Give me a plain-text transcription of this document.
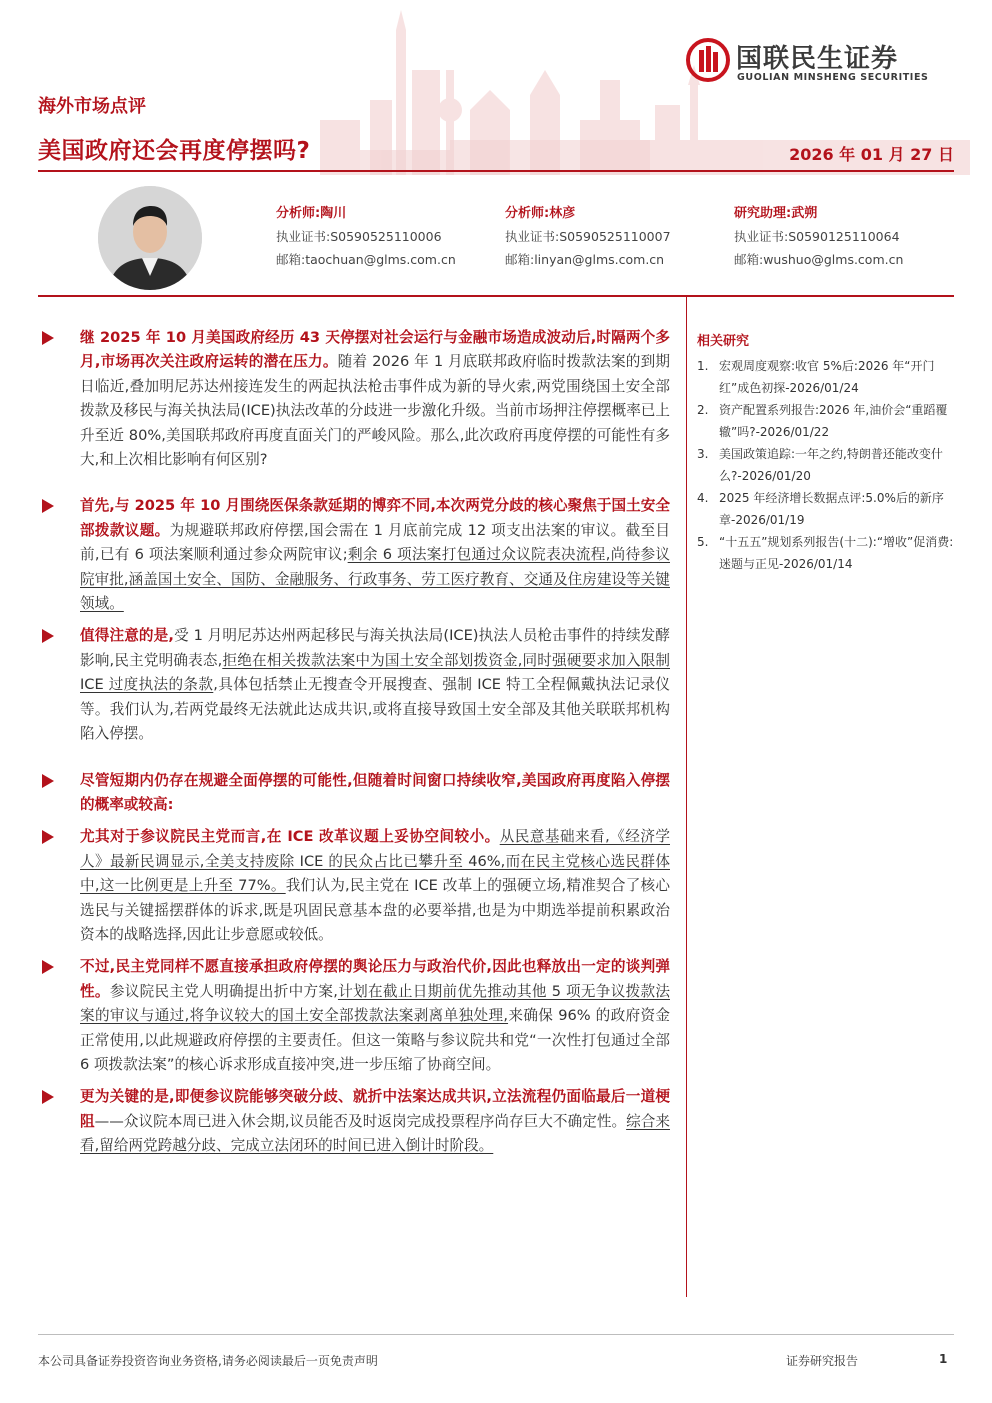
国联民生证券
GUOLIAN MINSHENG SECURITIES
海外市场点评
美国政府还会再度停摆吗?	2026 年 01 月 27 日
分析师:陶川
执业证书:S0590525110006
邮箱:taochuan@glms.com.cn
分析师:林彦
执业证书:S0590525110007
邮箱:linyan@glms.com.cn
研究助理:武朔
执业证书:S0590125110064
邮箱:wushuo@glms.com.cn
继 2025 年 10 月美国政府经历 43 天停摆对社会运行与金融市场造成波动后,时隔两个多月,市场再次关注政府运转的潜在压力。随着 2026 年 1 月底联邦政府临时拨款法案的到期日临近,叠加明尼苏达州接连发生的两起执法枪击事件成为新的导火索,两党围绕国土安全部拨款及移民与海关执法局(ICE)执法改革的分歧进一步激化升级。当前市场押注停摆概率已上升至近 80%,美国联邦政府再度直面关门的严峻风险。那么,此次政府再度停摆的可能性有多大,和上次相比影响有何区别?
首先,与 2025 年 10 月围绕医保条款延期的博弈不同,本次两党分歧的核心聚焦于国土安全部拨款议题。为规避联邦政府停摆,国会需在 1 月底前完成 12 项支出法案的审议。截至目前,已有 6 项法案顺利通过参众两院审议;剩余 6 项法案打包通过众议院表决流程,尚待参议院审批,涵盖国土安全、国防、金融服务、行政事务、劳工医疗教育、交通及住房建设等关键领域。
值得注意的是,受 1 月明尼苏达州两起移民与海关执法局(ICE)执法人员枪击事件的持续发酵影响,民主党明确表态,拒绝在相关拨款法案中为国土安全部划拨资金,同时强硬要求加入限制 ICE 过度执法的条款,具体包括禁止无搜查令开展搜查、强制 ICE 特工全程佩戴执法记录仪等。我们认为,若两党最终无法就此达成共识,或将直接导致国土安全部及其他关联联邦机构陷入停摆。
尽管短期内仍存在规避全面停摆的可能性,但随着时间窗口持续收窄,美国政府再度陷入停摆的概率或较高:
尤其对于参议院民主党而言,在 ICE 改革议题上妥协空间较小。从民意基础来看,《经济学人》最新民调显示,全美支持废除 ICE 的民众占比已攀升至 46%,而在民主党核心选民群体中,这一比例更是上升至 77%。我们认为,民主党在 ICE 改革上的强硬立场,精准契合了核心选民与关键摇摆群体的诉求,既是巩固民意基本盘的必要举措,也是为中期选举提前积累政治资本的战略选择,因此让步意愿或较低。
不过,民主党同样不愿直接承担政府停摆的舆论压力与政治代价,因此也释放出一定的谈判弹性。参议院民主党人明确提出折中方案,计划在截止日期前优先推动其他 5 项无争议拨款法案的审议与通过,将争议较大的国土安全部拨款法案剥离单独处理,来确保 96% 的政府资金正常使用,以此规避政府停摆的主要责任。但这一策略与参议院共和党“一次性打包通过全部 6 项拨款法案”的核心诉求形成直接冲突,进一步压缩了协商空间。
更为关键的是,即便参议院能够突破分歧、就折中法案达成共识,立法流程仍面临最后一道梗阻——众议院本周已进入休会期,议员能否及时返岗完成投票程序尚存巨大不确定性。综合来看,留给两党跨越分歧、完成立法闭环的时间已进入倒计时阶段。
相关研究
1. 宏观周度观察:收官 5%后:2026 年“开门红”成色初探-2026/01/24
2. 资产配置系列报告:2026 年,油价会“重蹈覆辙”吗?-2026/01/22
3. 美国政策追踪:一年之约,特朗普还能改变什么?-2026/01/20
4. 2025 年经济增长数据点评:5.0%后的新序章-2026/01/19
5. “十五五”规划系列报告(十二):“增收”促消费:迷题与正见-2026/01/14
本公司具备证券投资咨询业务资格,请务必阅读最后一页免责声明	证券研究报告	1
